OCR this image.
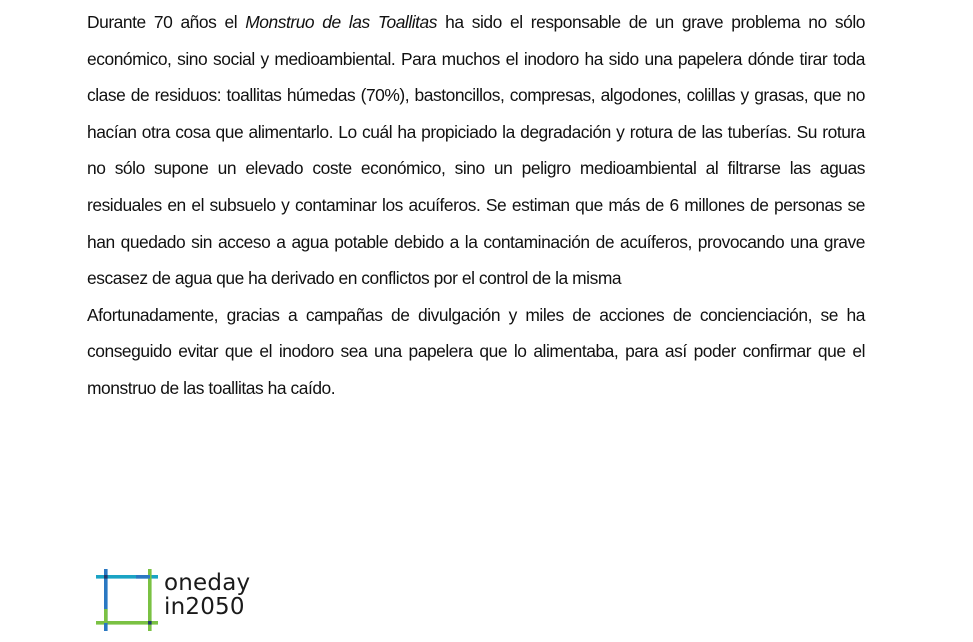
Durante 70 años el Monstruo de las Toallitas ha sido el responsable de un grave problema no sólo económico, sino social y medioambiental. Para muchos el inodoro ha sido una papelera dónde tirar toda clase de residuos: toallitas húmedas (70%), bastoncillos, compresas, algodones, colillas y grasas, que no hacían otra cosa que alimentarlo. Lo cuál ha propiciado la degradación y rotura de las tuberías. Su rotura no sólo supone un elevado coste económico, sino un peligro medioambiental al filtrarse las aguas residuales en el subsuelo y contaminar los acuíferos. Se estiman que más de 6 millones de personas se han quedado sin acceso a agua potable debido a la contaminación de acuíferos, provocando una grave escasez de agua que ha derivado en conflictos por el control de la misma

Afortunadamente, gracias a campañas de divulgación y miles de acciones de concienciación, se ha conseguido evitar que el inodoro sea una papelera que lo alimentaba, para así poder confirmar que el monstruo de las toallitas ha caído.

oneday
in2050
